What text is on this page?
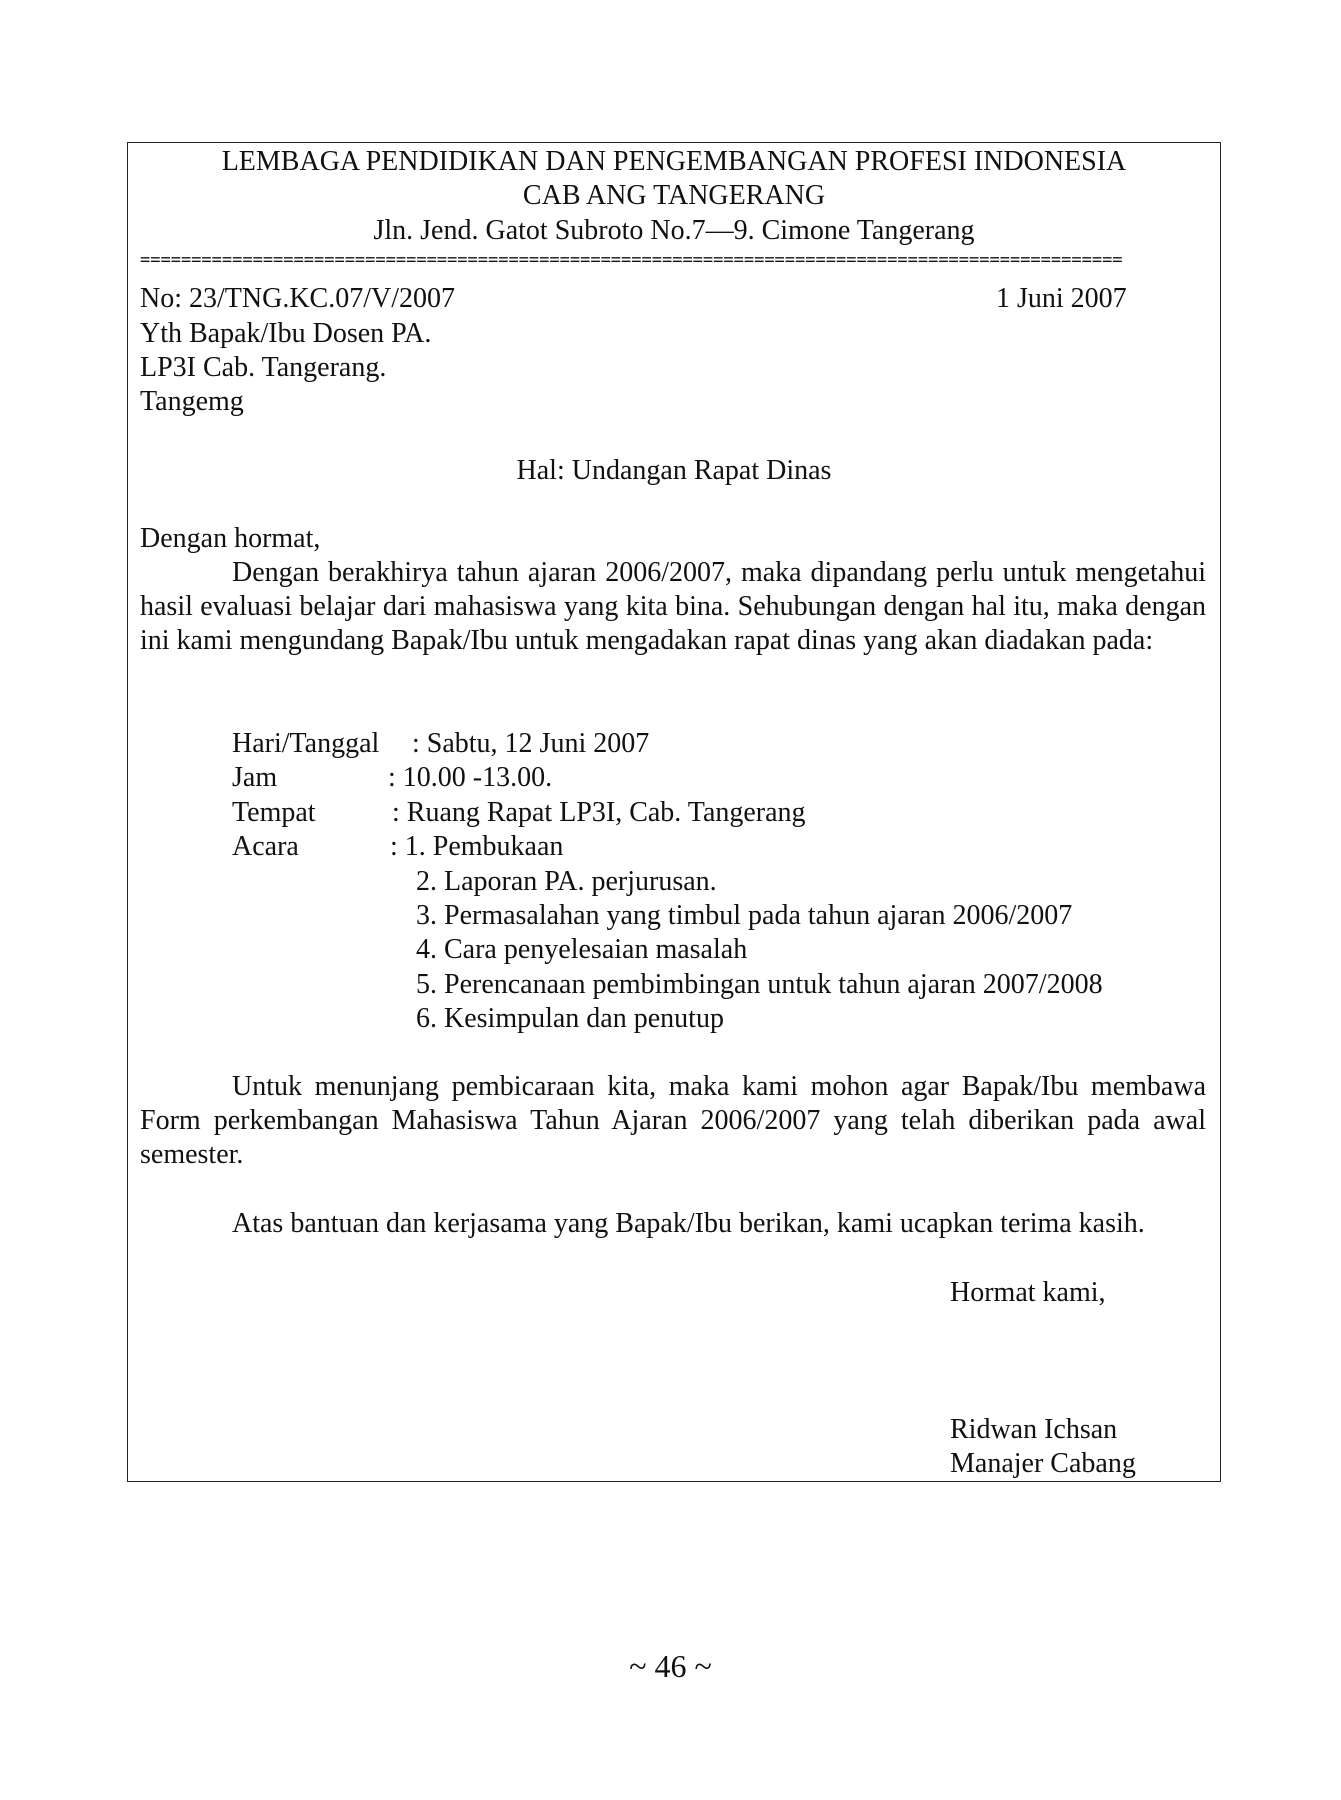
LEMBAGA PENDIDIKAN DAN PENGEMBANGAN PROFESI INDONESIA
CAB ANG TANGERANG
Jln. Jend. Gatot Subroto No.7—9. Cimone Tangerang
================================================================================================
No: 23/TNG.KC.07/V/2007	1 Juni 2007
Yth Bapak/Ibu Dosen PA.
LP3I Cab. Tangerang.
Tangemg
Hal: Undangan Rapat Dinas
Dengan hormat,
Dengan berakhirya tahun ajaran 2006/2007, maka dipandang perlu untuk mengetahui hasil evaluasi belajar dari mahasiswa yang kita bina. Sehubungan dengan hal itu, maka dengan ini kami mengundang Bapak/Ibu untuk mengadakan rapat dinas yang akan diadakan pada:
Hari/Tanggal : Sabtu, 12 Juni 2007
Jam	: 10.00 -13.00.
Tempat	: Ruang Rapat LP3I, Cab. Tangerang
Acara	: 1. Pembukaan
2. Laporan PA. perjurusan.
3. Permasalahan yang timbul pada tahun ajaran 2006/2007
4. Cara penyelesaian masalah
5. Perencanaan pembimbingan untuk tahun ajaran 2007/2008
6. Kesimpulan dan penutup
Untuk menunjang pembicaraan kita, maka kami mohon agar Bapak/Ibu membawa Form perkembangan Mahasiswa Tahun Ajaran 2006/2007 yang telah diberikan pada awal semester.
Atas bantuan dan kerjasama yang Bapak/Ibu berikan, kami ucapkan terima kasih.
Hormat kami,
Ridwan Ichsan
Manajer Cabang
~ 46 ~
